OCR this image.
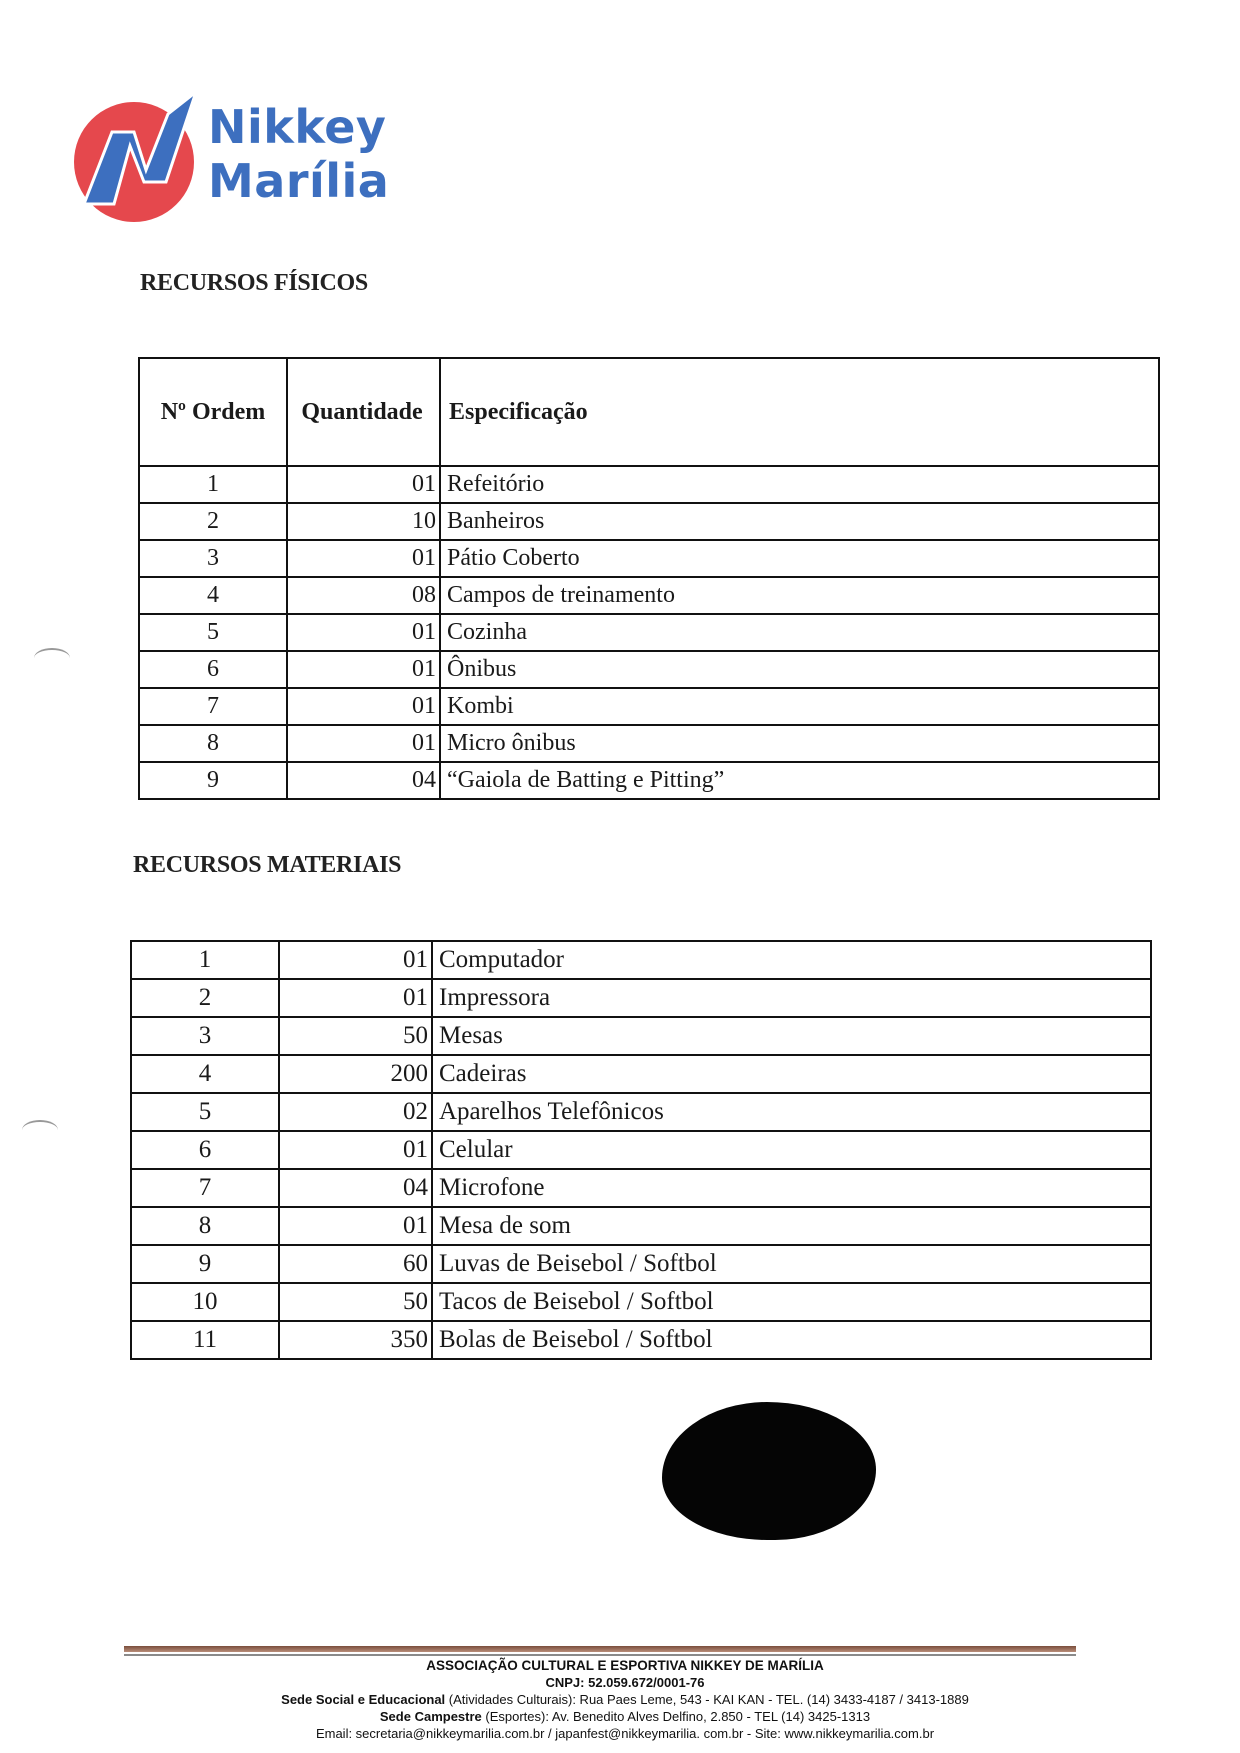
Nikkey
Marília
RECURSOS FÍSICOS
Nº Ordem	Quantidade	Especificação
1	01	Refeitório
2	10	Banheiros
3	01	Pátio Coberto
4	08	Campos de treinamento
5	01	Cozinha
6	01	Ônibus
7	01	Kombi
8	01	Micro ônibus
9	04	“Gaiola de Batting e Pitting”
RECURSOS MATERIAIS
1	01	Computador
2	01	Impressora
3	50	Mesas
4	200	Cadeiras
5	02	Aparelhos Telefônicos
6	01	Celular
7	04	Microfone
8	01	Mesa de som
9	60	Luvas de Beisebol / Softbol
10	50	Tacos de Beisebol / Softbol
11	350	Bolas de Beisebol / Softbol
ASSOCIAÇÃO CULTURAL E ESPORTIVA NIKKEY DE MARÍLIA
CNPJ: 52.059.672/0001-76
Sede Social e Educacional (Atividades Culturais): Rua Paes Leme, 543 - KAI KAN - TEL. (14) 3433-4187 / 3413-1889
Sede Campestre (Esportes): Av. Benedito Alves Delfino, 2.850 - TEL (14) 3425-1313
Email: secretaria@nikkeymarilia.com.br / japanfest@nikkeymarilia. com.br - Site: www.nikkeymarilia.com.br
